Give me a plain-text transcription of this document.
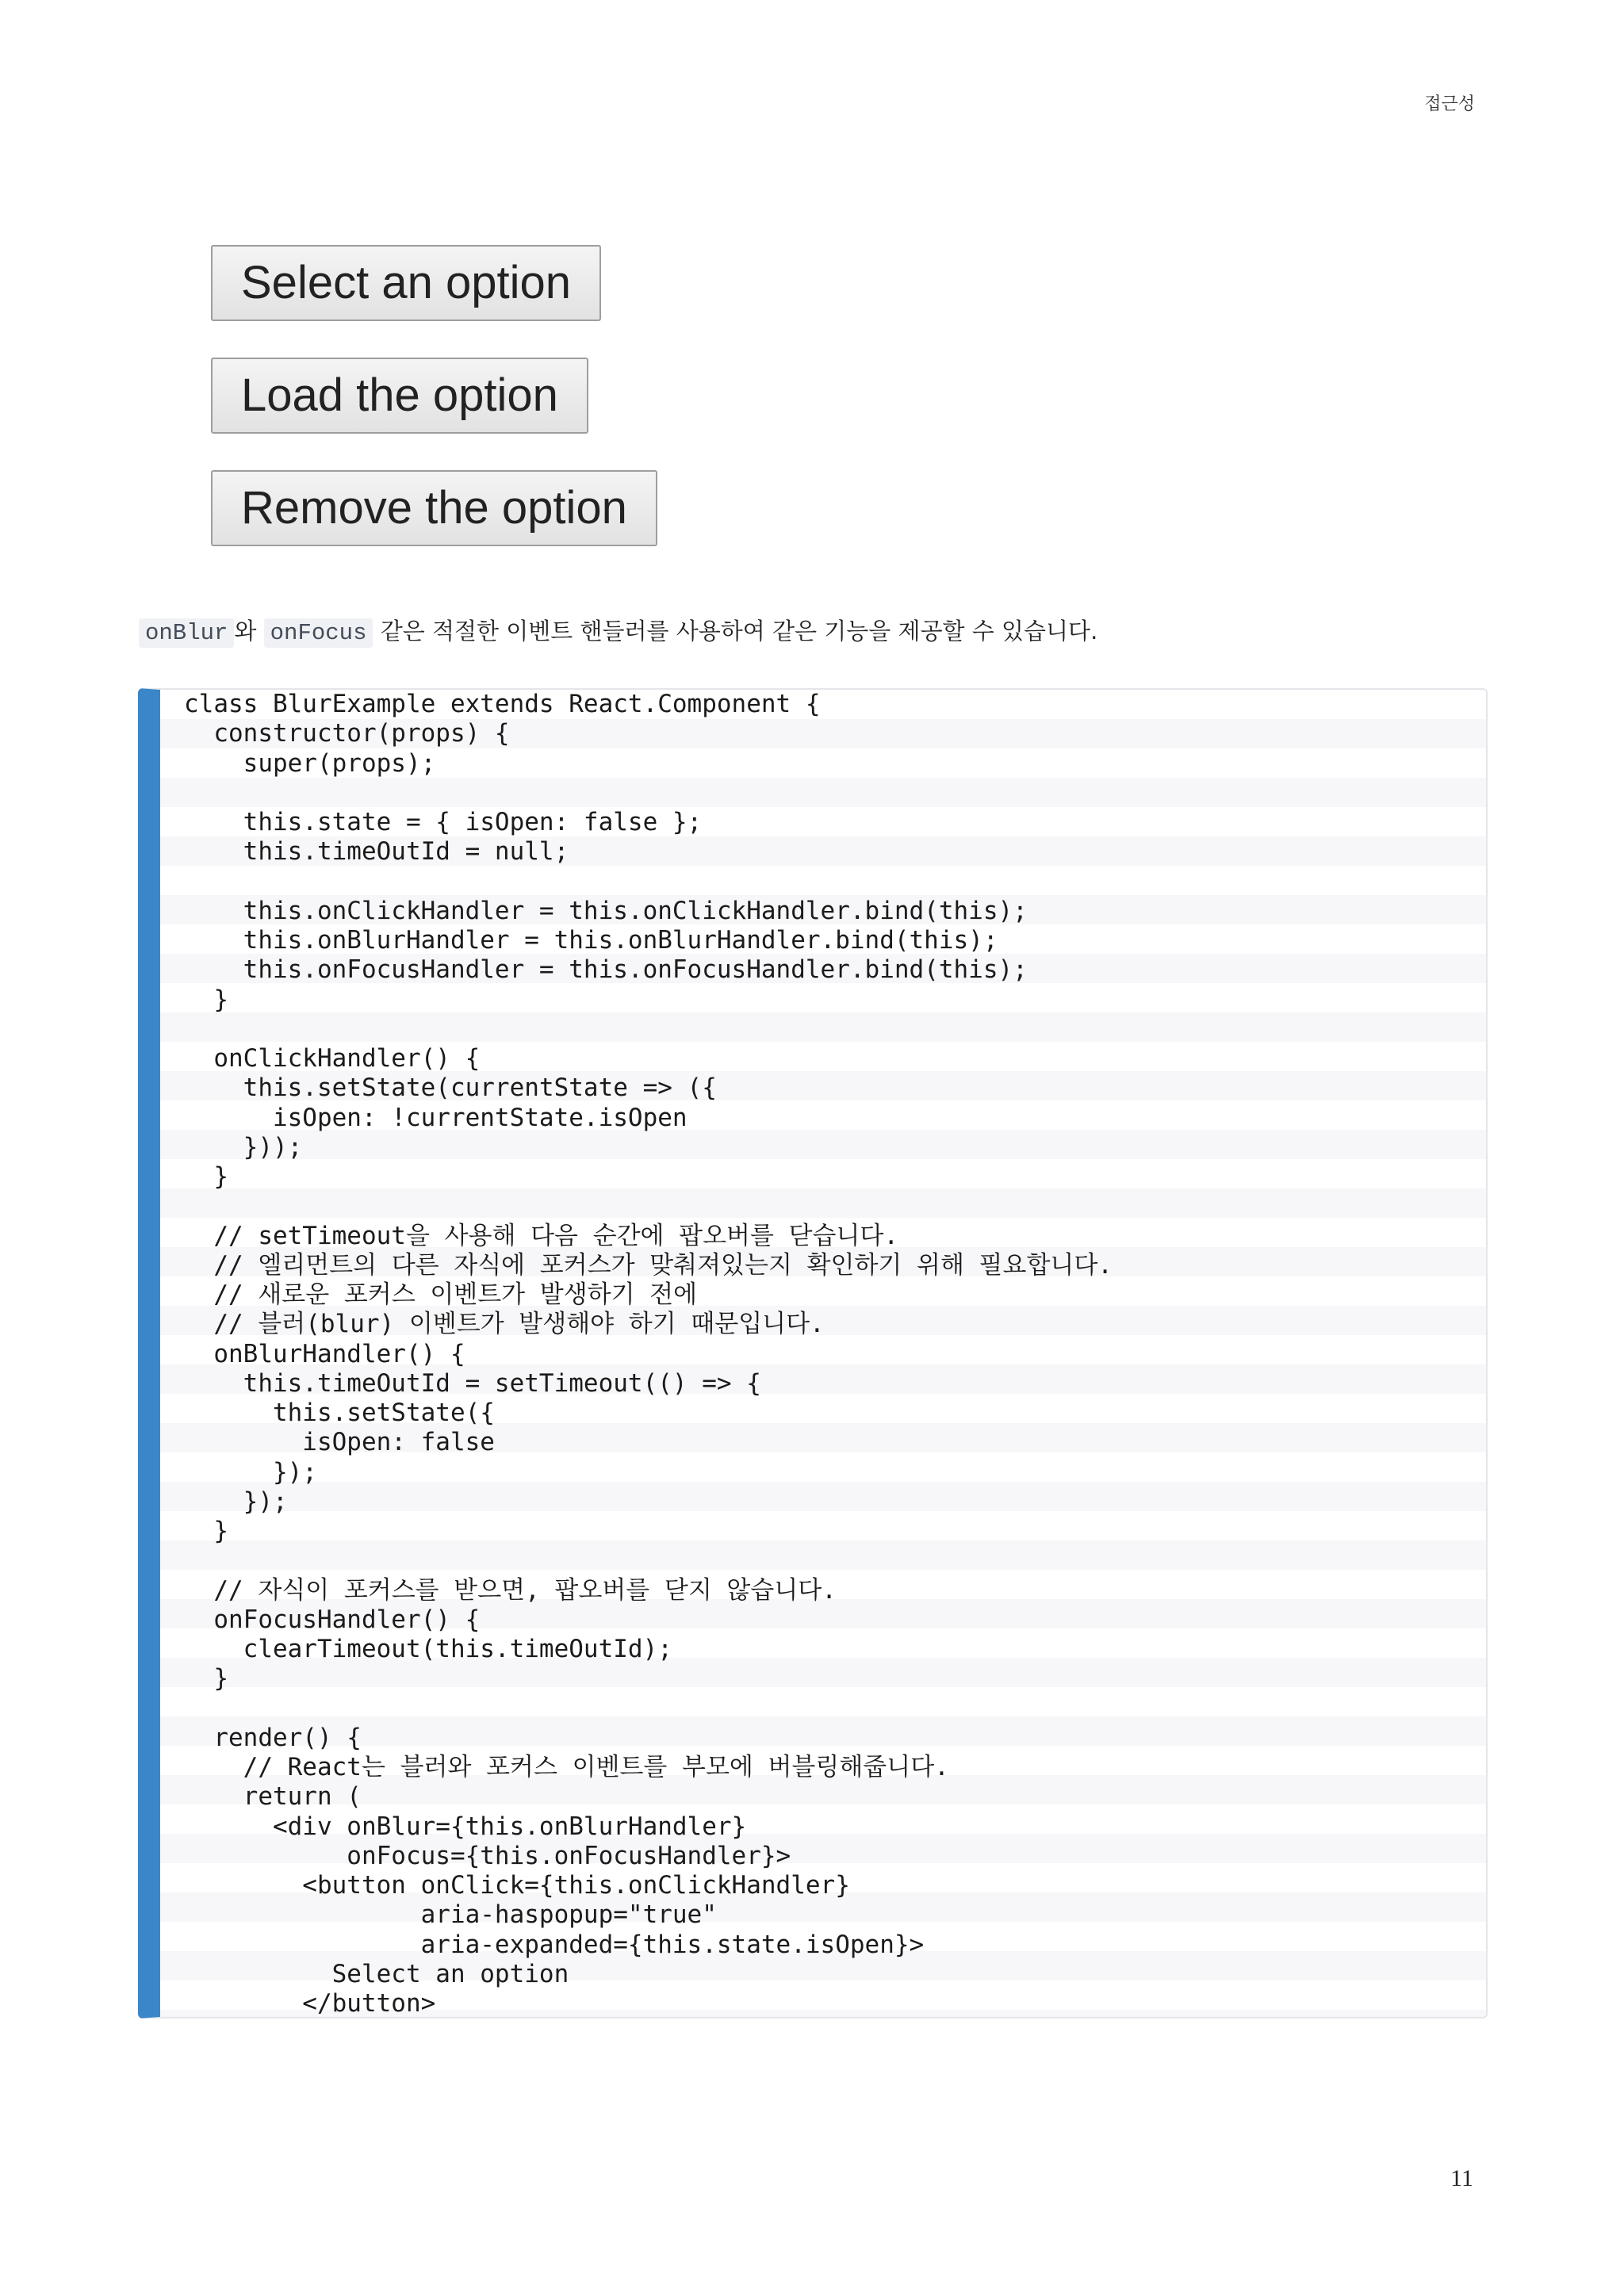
접근성
Select an option
Load the option
Remove the option
onBlur 와 onFocus 같은 적절한 이벤트 핸들러를 사용하여 같은 기능을 제공할 수 있습니다.
class BlurExample extends React.Component {
constructor(props) {
super(props);

this.state = { isOpen: false };
this.timeOutId = null;

this.onClickHandler = this.onClickHandler.bind(this);
this.onBlurHandler = this.onBlurHandler.bind(this);
this.onFocusHandler = this.onFocusHandler.bind(this);
}

onClickHandler() {
this.setState(currentState => ({
isOpen: !currentState.isOpen
}));
}

// setTimeout을 사용해 다음 순간에 팝오버를 닫습니다.
// 엘리먼트의 다른 자식에 포커스가 맞춰져있는지 확인하기 위해 필요합니다.
// 새로운 포커스 이벤트가 발생하기 전에
// 블러(blur) 이벤트가 발생해야 하기 때문입니다.
onBlurHandler() {
this.timeOutId = setTimeout(() => {
this.setState({
isOpen: false
});
});
}

// 자식이 포커스를 받으면, 팝오버를 닫지 않습니다.
onFocusHandler() {
clearTimeout(this.timeOutId);
}

render() {
// React는 블러와 포커스 이벤트를 부모에 버블링해줍니다.
return (
<div onBlur={this.onBlurHandler}
onFocus={this.onFocusHandler}>
<button onClick={this.onClickHandler}
aria-haspopup="true"
aria-expanded={this.state.isOpen}>
Select an option
</button>
11
